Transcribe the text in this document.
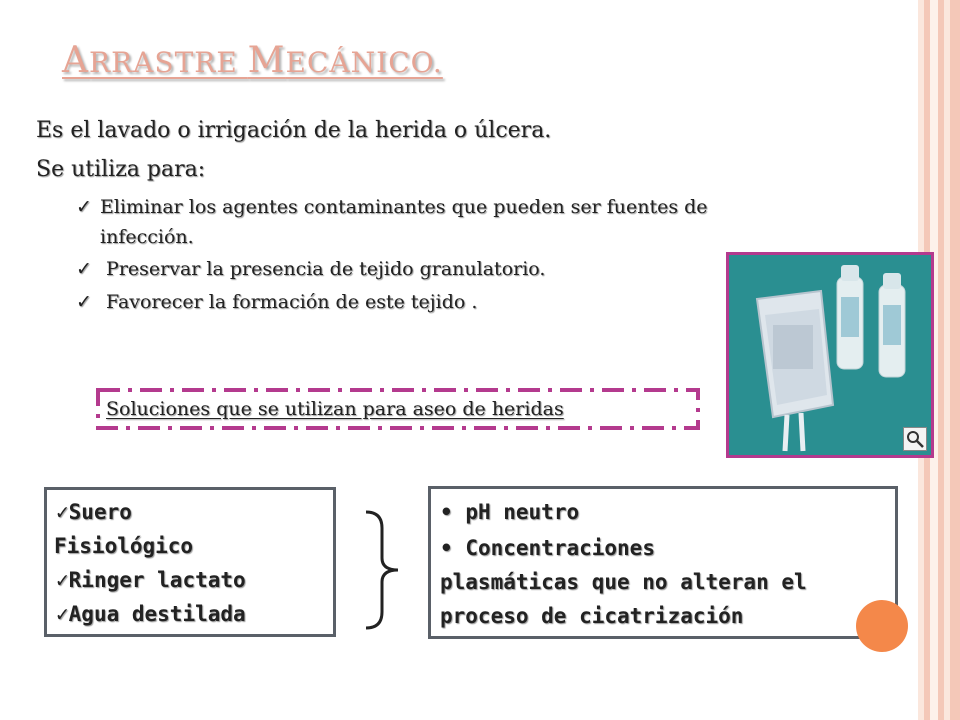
ARRASTRE MECÁNICO.
Es el lavado o irrigación de la herida o úlcera.
Se utiliza para:
✓ Eliminar los agentes contaminantes que pueden ser fuentes de
infección.
✓ Preservar la presencia de tejido granulatorio.
✓ Favorecer la formación de este tejido .
Soluciones que se utilizan para aseo de heridas
✓Suero
Fisiológico
✓Ringer lactato
✓Agua destilada
• pH neutro
• Concentraciones
plasmáticas que no alteran el
proceso de cicatrización
